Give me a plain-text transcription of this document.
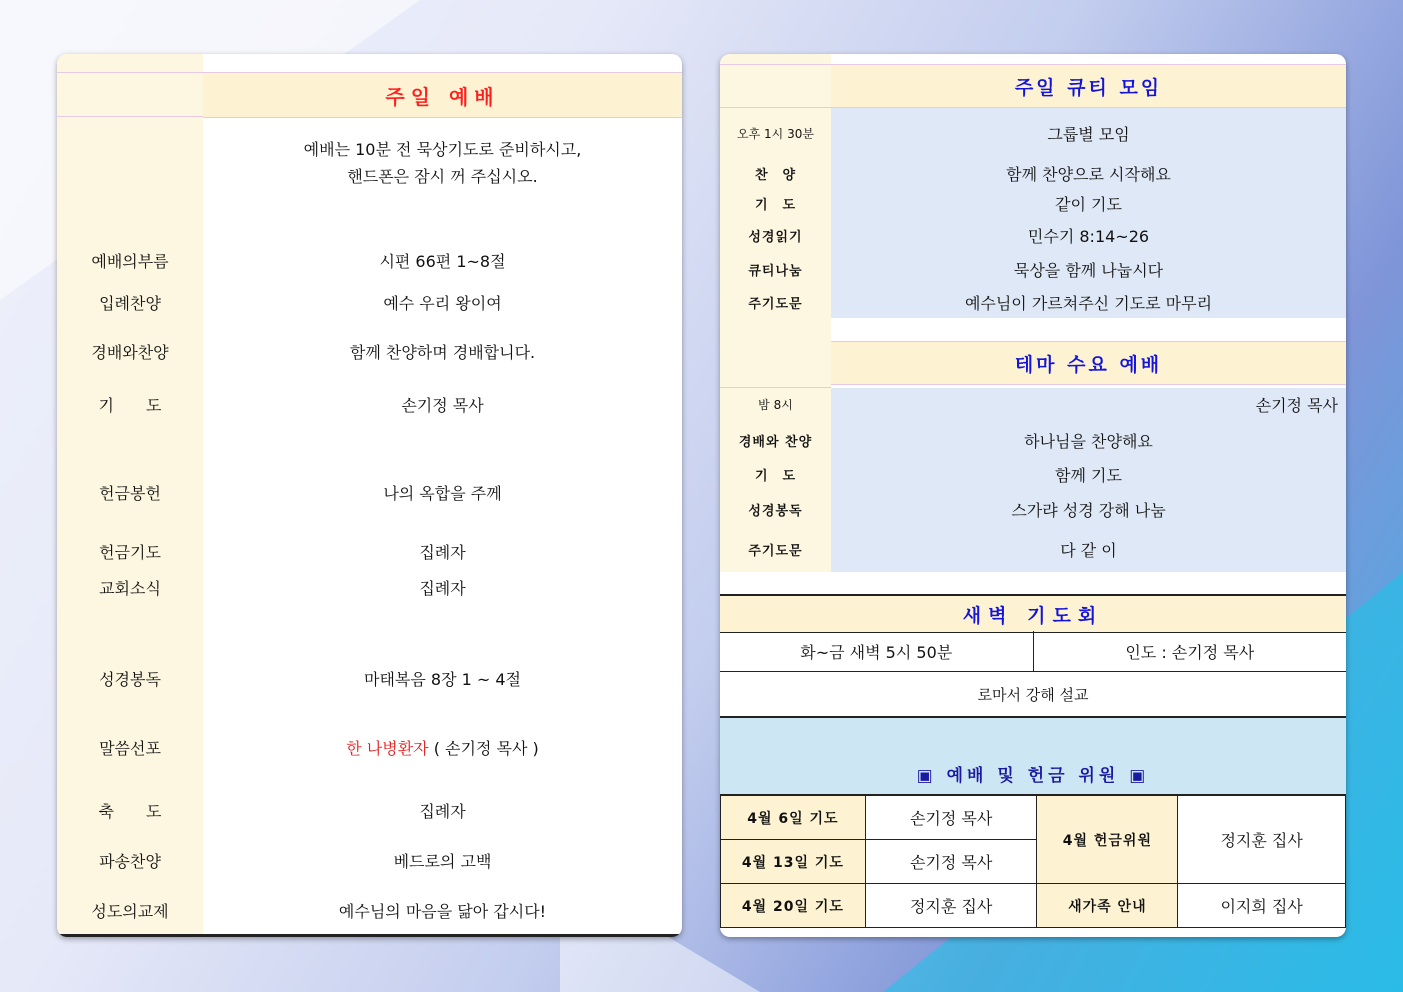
주일 예배
예배는 10분 전 묵상기도로 준비하시고,
핸드폰은 잠시 꺼 주십시오.
예배의부름	시편 66편 1~8절
입례찬양	예수 우리 왕이여
경배와찬양	함께 찬양하며 경배합니다.
기　　도	손기정 목사
헌금봉헌	나의 옥합을 주께
헌금기도	집례자
교회소식	집례자
성경봉독	마태복음 8장 1 ~ 4절
말씀선포	한 나병환자 ( 손기정 목사 )
축　　도	집례자
파송찬양	베드로의 고백
성도의교제	예수님의 마음을 닮아 갑시다!
주일 큐티 모임
오후 1시 30분	그룹별 모임
찬　양	함께 찬양으로 시작해요
기　도	같이 기도
성경읽기	민수기 8:14~26
큐티나눔	묵상을 함께 나눕시다
주기도문	예수님이 가르쳐주신 기도로 마무리
테마 수요 예배
밤 8시	손기정 목사
경배와 찬양	하나님을 찬양해요
기　도	함께 기도
성경봉독	스가랴 성경 강해 나눔
주기도문	다 같 이
새벽 기도회
화~금 새벽 5시 50분	인도 : 손기정 목사
로마서 강해 설교
▣ 예배 및 헌금 위원 ▣
4월 6일 기도	손기정 목사	4월 헌금위원	정지훈 집사
4월 13일 기도	손기정 목사		
4월 20일 기도	정지훈 집사	새가족 안내	이지희 집사
